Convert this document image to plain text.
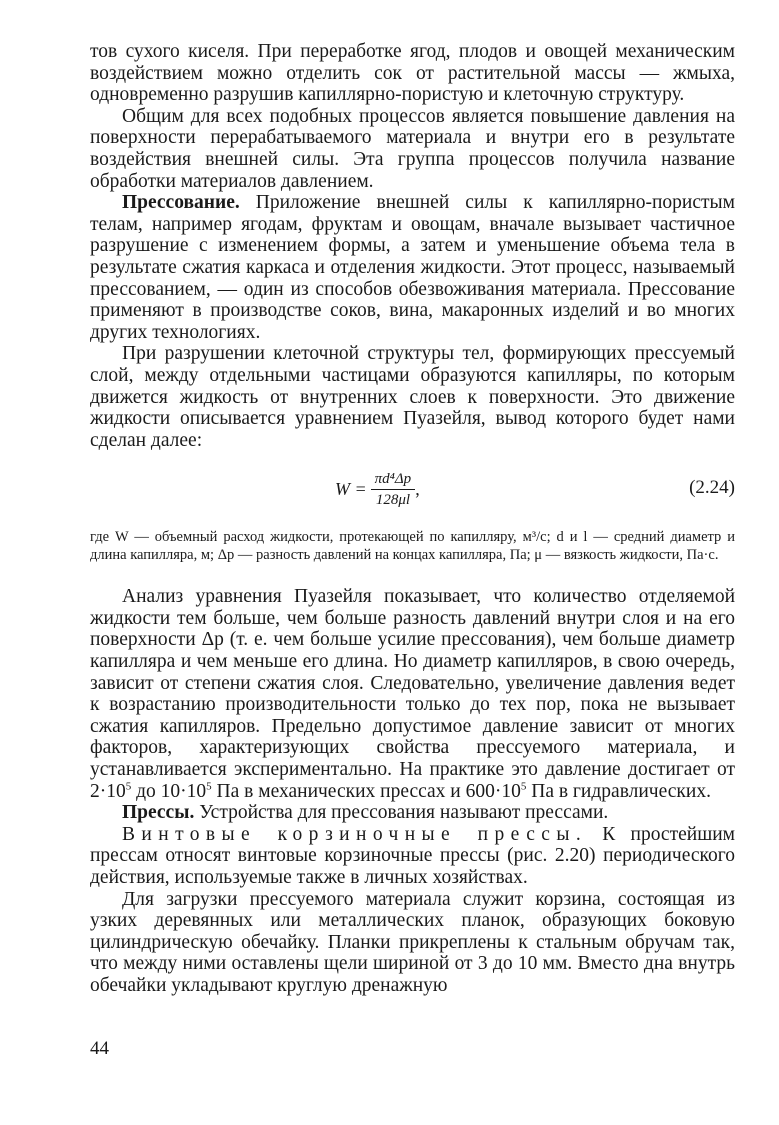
тов сухого киселя. При переработке ягод, плодов и овощей механическим воздействием можно отделить сок от растительной массы — жмыха, одновременно разрушив капиллярно-пористую и клеточную структуру.

Общим для всех подобных процессов является повышение давления на поверхности перерабатываемого материала и внутри его в результате воздействия внешней силы. Эта группа процессов получила название обработки материалов давлением.

Прессование. Приложение внешней силы к капиллярно-пористым телам, например ягодам, фруктам и овощам, вначале вызывает частичное разрушение с изменением формы, а затем и уменьшение объема тела в результате сжатия каркаса и отделения жидкости. Этот процесс, называемый прессованием, — один из способов обезвоживания материала. Прессование применяют в производстве соков, вина, макаронных изделий и во многих других технологиях.

При разрушении клеточной структуры тел, формирующих прессуемый слой, между отдельными частицами образуются капилляры, по которым движется жидкость от внутренних слоев к поверхности. Это движение жидкости описывается уравнением Пуазейля, вывод которого будет нами сделан далее:

$W = \frac{\text{πd⁴Δp}}{128\mu l}$ ,	(2.24)

где W — объемный расход жидкости, протекающей по капилляру, м³/с; d и l — средний диаметр и длина капилляра, м; Δp — разность давлений на концах капилляра, Па; μ — вязкость жидкости, Па·с.

Анализ уравнения Пуазейля показывает, что количество отделяемой жидкости тем больше, чем больше разность давлений внутри слоя и на его поверхности Δp (т. е. чем больше усилие прессования), чем больше диаметр капилляра и чем меньше его длина. Но диаметр капилляров, в свою очередь, зависит от степени сжатия слоя. Следовательно, увеличение давления ведет к возрастанию производительности только до тех пор, пока не вызывает сжатия капилляров. Предельно допустимое давление зависит от многих факторов, характеризующих свойства прессуемого материала, и устанавливается экспериментально. На практике это давление достигает от $2\cdot 10^5$ до $10\cdot 10^5$ Па в механических прессах и $600\cdot 10^5$ Па в гидравлических.

Прессы. Устройства для прессования называют прессами.

Винтовые корзиночные прессы. К простейшим прессам относят винтовые корзиночные прессы (рис. 2.20) периодического действия, используемые также в личных хозяйствах.

Для загрузки прессуемого материала служит корзина, состоящая из узких деревянных или металлических планок, образующих боковую цилиндрическую обечайку. Планки прикреплены к стальным обручам так, что между ними оставлены щели шириной от 3 до 10 мм. Вместо дна внутрь обечайки укладывают круглую дренажную

44
